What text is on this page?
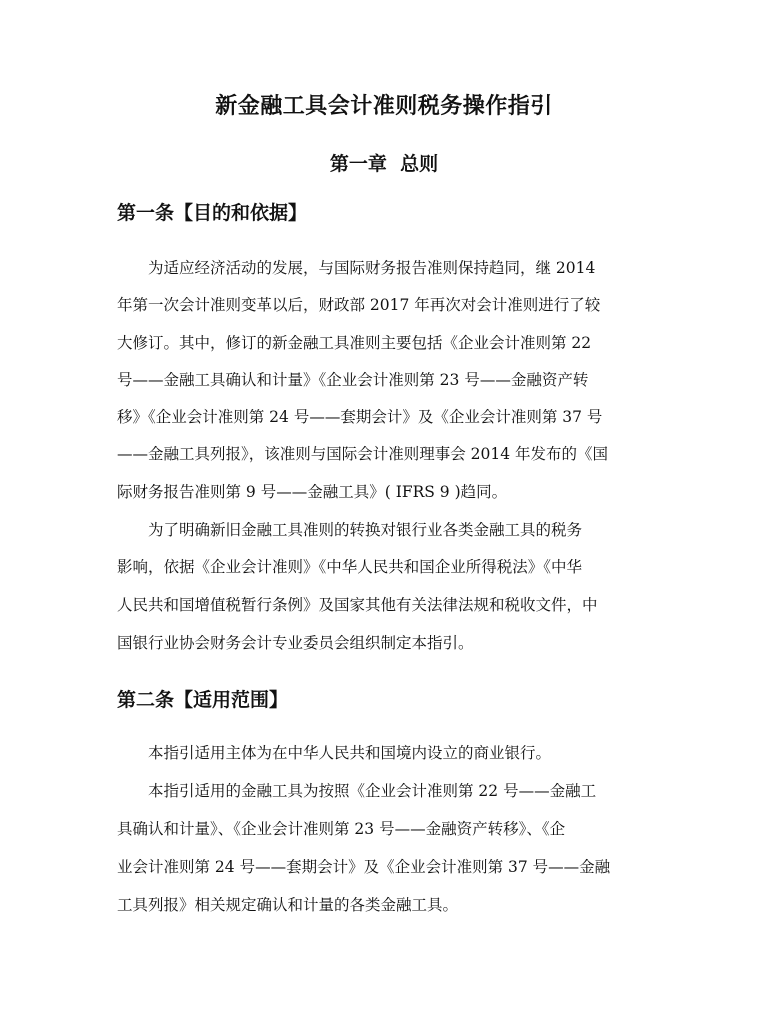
新金融工具会计准则税务操作指引
第一章  总则
第一条【目的和依据】

为适应经济活动的发展，与国际财务报告准则保持趋同，继 2014

年第一次会计准则变革以后，财政部 2017 年再次对会计准则进行了较

大修订。其中，修订的新金融工具准则主要包括《企业会计准则第 22

号——金融工具确认和计量》《企业会计准则第 23 号——金融资产转

移》《企业会计准则第 24 号——套期会计》及《企业会计准则第 37 号

——金融工具列报》，该准则与国际会计准则理事会 2014 年发布的《国

际财务报告准则第 9 号——金融工具》( IFRS 9 )趋同。

为了明确新旧金融工具准则的转换对银行业各类金融工具的税务

影响，依据《企业会计准则》《中华人民共和国企业所得税法》《中华

人民共和国增值税暂行条例》及国家其他有关法律法规和税收文件，中

国银行业协会财务会计专业委员会组织制定本指引。

第二条【适用范围】

本指引适用主体为在中华人民共和国境内设立的商业银行。

本指引适用的金融工具为按照《企业会计准则第 22 号——金融工

具确认和计量》、《企业会计准则第 23 号——金融资产转移》、《企

业会计准则第 24 号——套期会计》及《企业会计准则第 37 号——金融

工具列报》相关规定确认和计量的各类金融工具。
